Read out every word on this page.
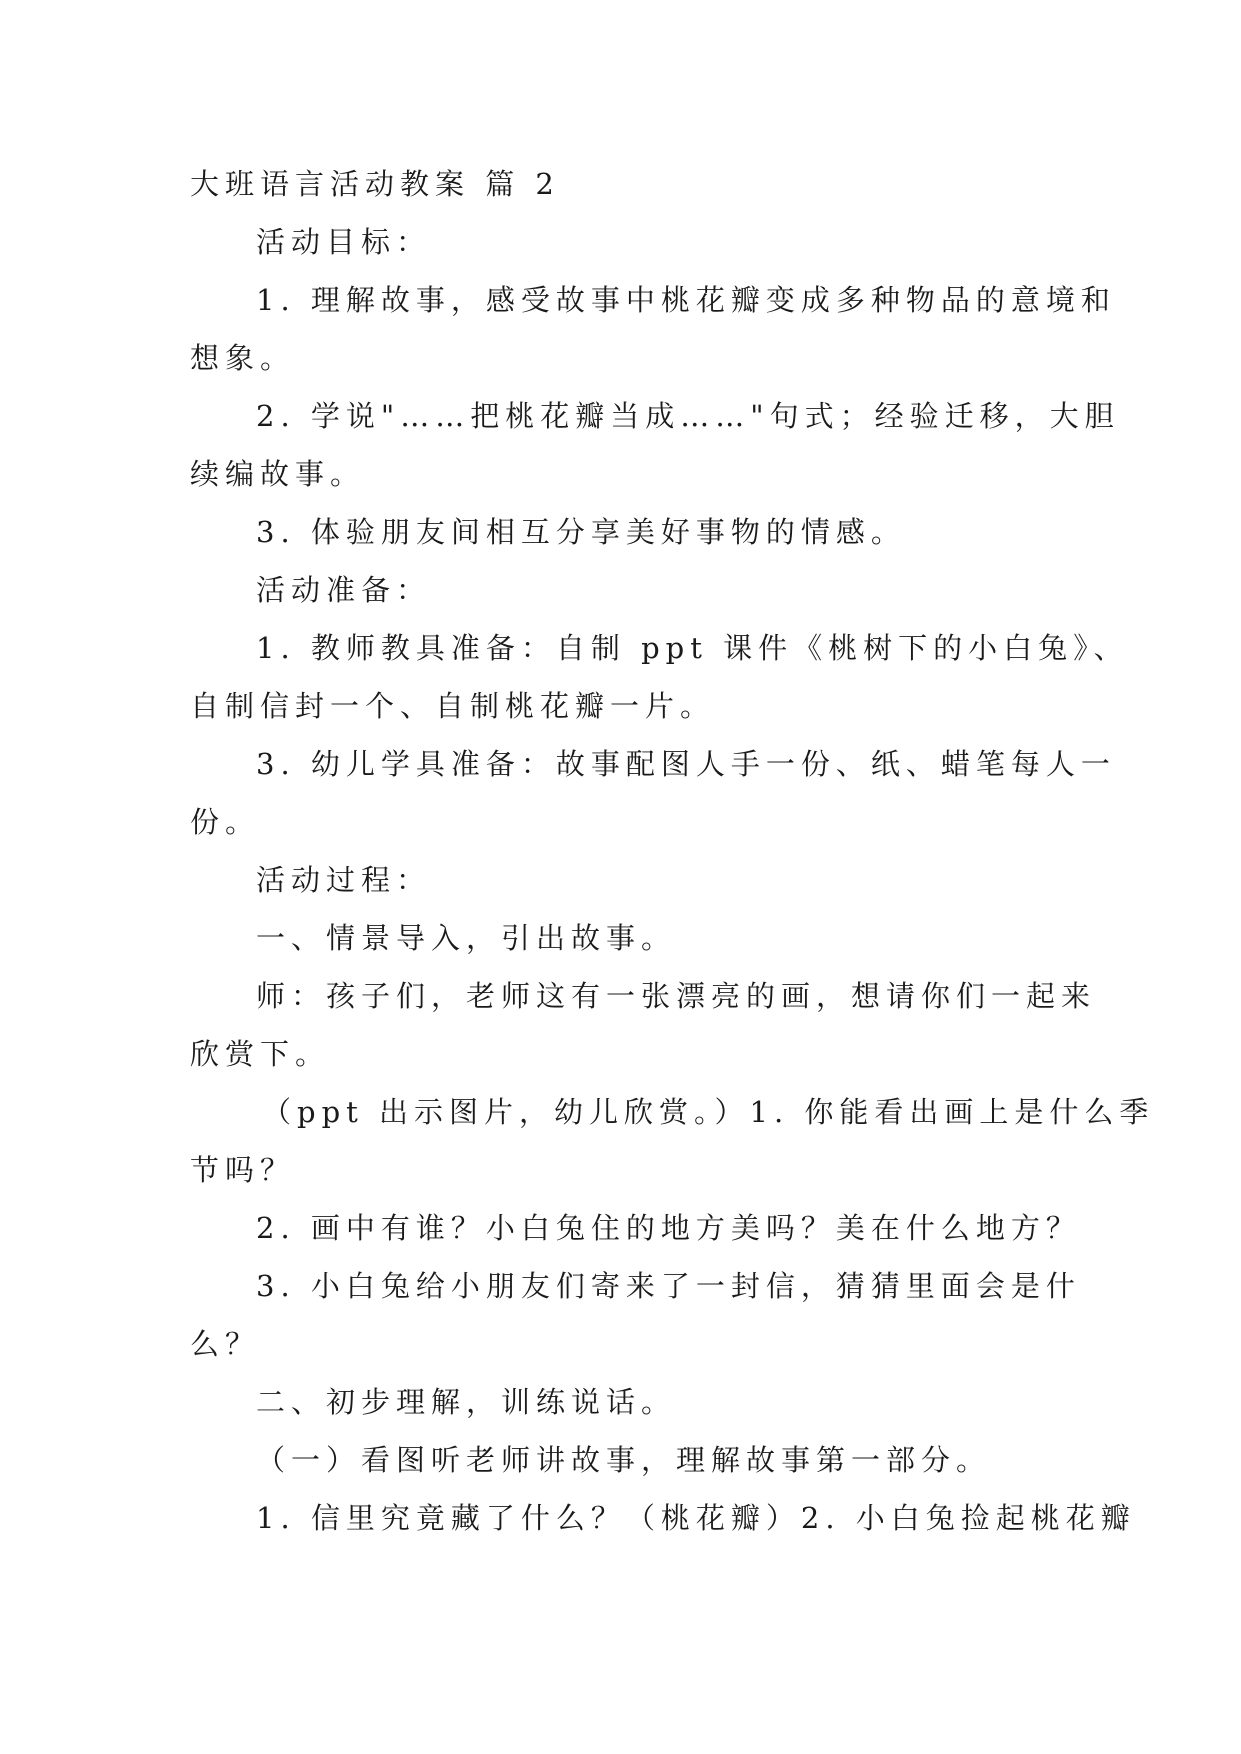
大班语言活动教案 篇 2
活动目标：
1. 理解故事，感受故事中桃花瓣变成多种物品的意境和
想象。
2. 学说"……把桃花瓣当成……"句式；经验迁移，大胆
续编故事。
3. 体验朋友间相互分享美好事物的情感。
活动准备：
1. 教师教具准备：自制 ppt 课件《桃树下的小白兔》、
自制信封一个、自制桃花瓣一片。
3. 幼儿学具准备：故事配图人手一份、纸、蜡笔每人一
份。
活动过程：
一、情景导入，引出故事。
师：孩子们，老师这有一张漂亮的画，想请你们一起来
欣赏下。
（ppt 出示图片，幼儿欣赏。）1. 你能看出画上是什么季
节吗？
2. 画中有谁？小白兔住的地方美吗？美在什么地方？
3. 小白兔给小朋友们寄来了一封信，猜猜里面会是什
么？
二、初步理解，训练说话。
（一）看图听老师讲故事，理解故事第一部分。
1. 信里究竟藏了什么？（桃花瓣）2. 小白兔捡起桃花瓣
